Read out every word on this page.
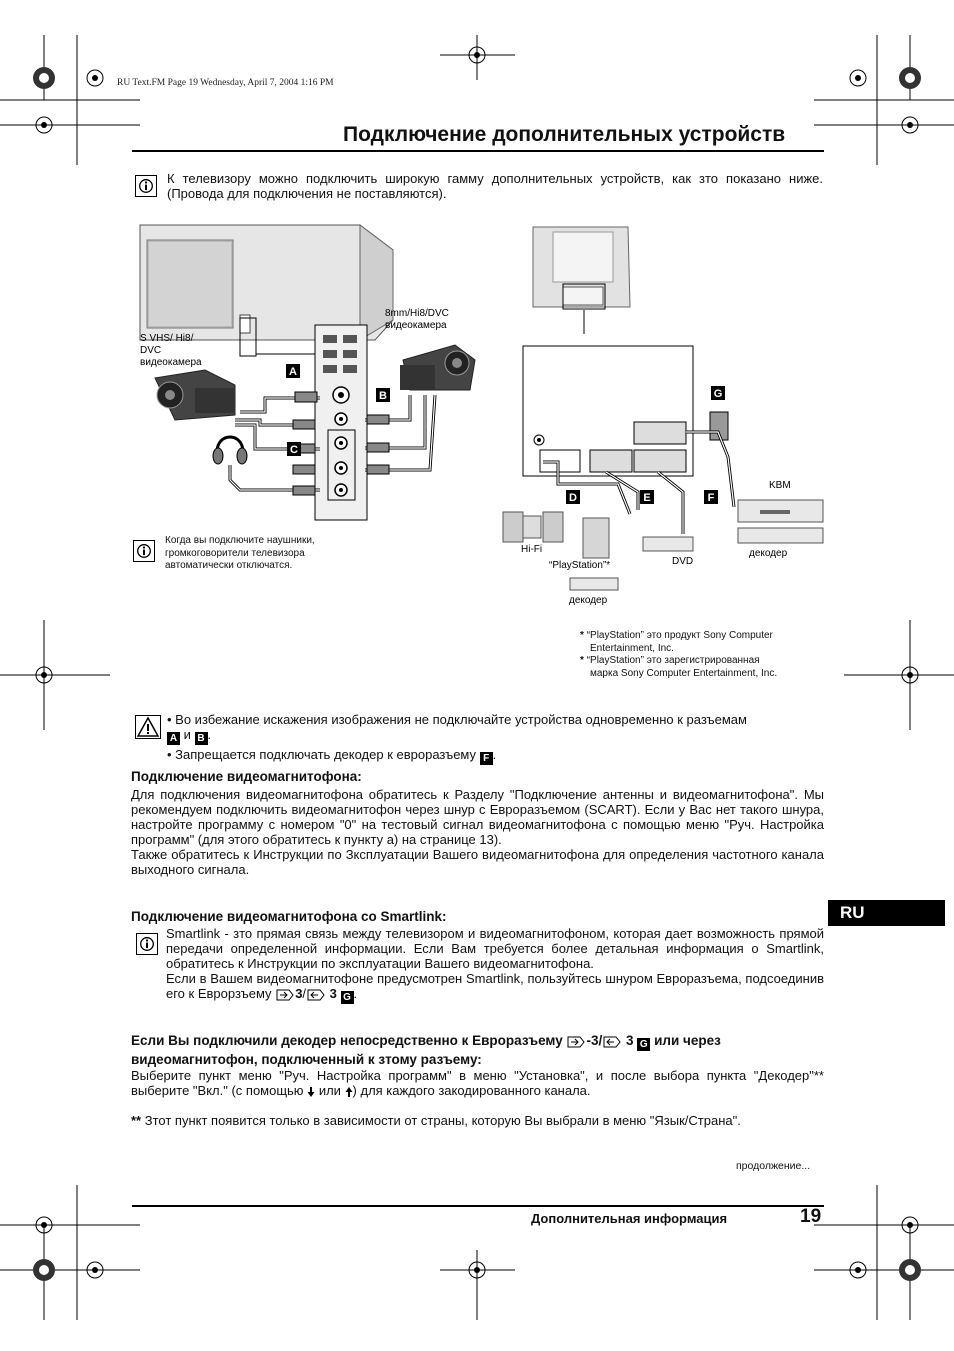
RU Text.FM Page 19 Wednesday, April 7, 2004 1:16 PM
Подключение дополнительных устройств
К телевизору можно подключить широкую гамму дополнительных устройств, как зто показано ниже. (Провода для подключения не поставляются).
A
B
C
S VHS/ Hi8/
DVC
видеокамера
8mm/Hi8/DVC
видеокамера
D	E	F
G
KBM
декодер
Hi-Fi
“PlayStation”*	DVD
декодер
Когда вы подключите наушники, громкоговорители телевизора автоматически отключатся.
* “PlayStation” это продукт Sony Computer
Entertainment, Inc.
* “PlayStation” это зарегистрированная
марка Sony Computer Entertainment, Inc.
• Во избежание искажения изображения не подключайте устройства одновременно к разъемам
A и B .
• Запрещается подключать декодер к евроразъему F .
Подключение видеомагнитофона:
Для подключения видеомагнитофона обратитесь к Разделу "Подключение антенны и видеомагнитофона". Мы рекомендуем подключить видеомагнитофон через шнур с Евроразъемом (SCART). Если у Вас нет такого шнура, настройте программу с номером "0" на тестовый сигнал видеомагнитофона с помощью меню "Руч. Настройка программ" (для этого обратитесь к пункту а) на странице 13).
Также обратитесь к Инструкции по Зксплуатации Вашего видеомагнитофона для определения частотного канала выходного сигнала.
Подключение видеомагнитофона со Smartlink:
Smartlink - зто прямая связь между телевизором и видеомагнитофоном, которая дает возможность прямой передачи определенной информации. Если Вам требуется более детальная информация о Smartlink, обратитесь к Инструкции по эксплуатации Вашего видеомагнитофона.
Если в Вашем видеомагнитофоне предусмотрен Smartlink, пользуйтесь шнуром Евроразъема, подсоединив его к Еврорзъему 3/ 3 G .
Если Вы подключили декодер непосредственно к Евроразъему -3/ 3 G или через
видеомагнитофон, подключенный к зтому разъему:
Выберите пункт меню "Руч. Настройка программ" в меню "Установка", и после выбора пункта "Декодер"** выберите "Вкл." (с помощью или ) для каждого закодированного канала.
** Зтот пункт появится только в зависимости от страны, которую Вы выбрали в меню "Язык/Страна".
продолжение...
RU
Дополнительная информация	19
